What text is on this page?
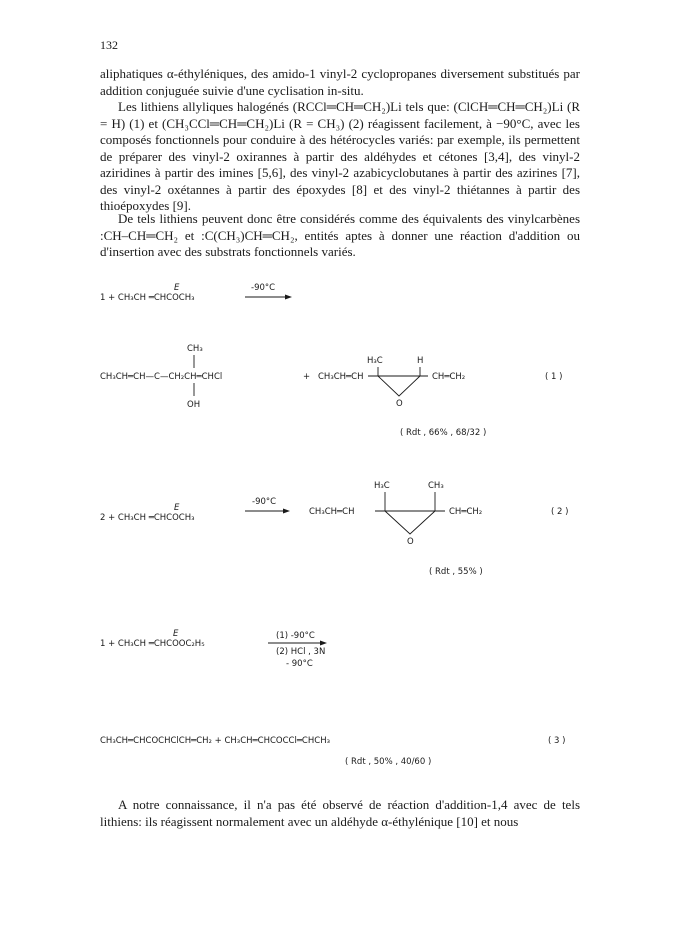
132

aliphatiques α-éthyléniques, des amido-1 vinyl-2 cyclopropanes diversement substitués par addition conjuguée suivie d'une cyclisation in-situ.

Les lithiens allyliques halogénés (RCCl═CH═CH₂)Li tels que: (ClCH═CH═CH₂)Li (R = H) (1) et (CH₃CCl═CH═CH₂)Li (R = CH₃) (2) réagissent facilement, à −90°C, avec les composés fonctionnels pour conduire à des hétérocycles variés: par exemple, ils permettent de préparer des vinyl-2 oxirannes à partir des aldéhydes et cétones [3,4], des vinyl-2 aziridines à partir des imines [5,6], des vinyl-2 azabicyclobutanes à partir des azirines [7], des vinyl-2 oxétannes à partir des époxydes [8] et des vinyl-2 thiétannes à partir des thioépoxydes [9].

De tels lithiens peuvent donc être considérés comme des équivalents des vinylcarbènes :CH–CH═CH₂ et :C(CH₃)CH═CH₂, entités aptes à donner une réaction d'addition ou d'insertion avec des substrats fonctionnels variés.

1 + CH₃CH ═CHCOCH₃
E	-90°C
CH₃
CH₃CH═CH—C—CH₂CH═CHCl
OH
+ CH₃CH═CH
H₃C	H
O
CH═CH₂	( 1 )
( Rdt , 66% , 68/32 )
2 + CH₃CH ═CHCOCH₃
E
-90°C
CH₃CH═CH
H₃C	CH₃
O
CH═CH₂	( 2 )
( Rdt , 55% )
1 + CH₃CH ═CHCOOC₂H₅
E	(1) -90°C
(2) HCl , 3N
- 90°C
CH₃CH═CHCOCHClCH═CH₂ + CH₃CH═CHCOCCl═CHCH₃	( 3 )
( Rdt , 50% , 40/60 )

A notre connaissance, il n'a pas été observé de réaction d'addition-1,4 avec de tels lithiens: ils réagissent normalement avec un aldéhyde α-éthylénique [10] et nous
